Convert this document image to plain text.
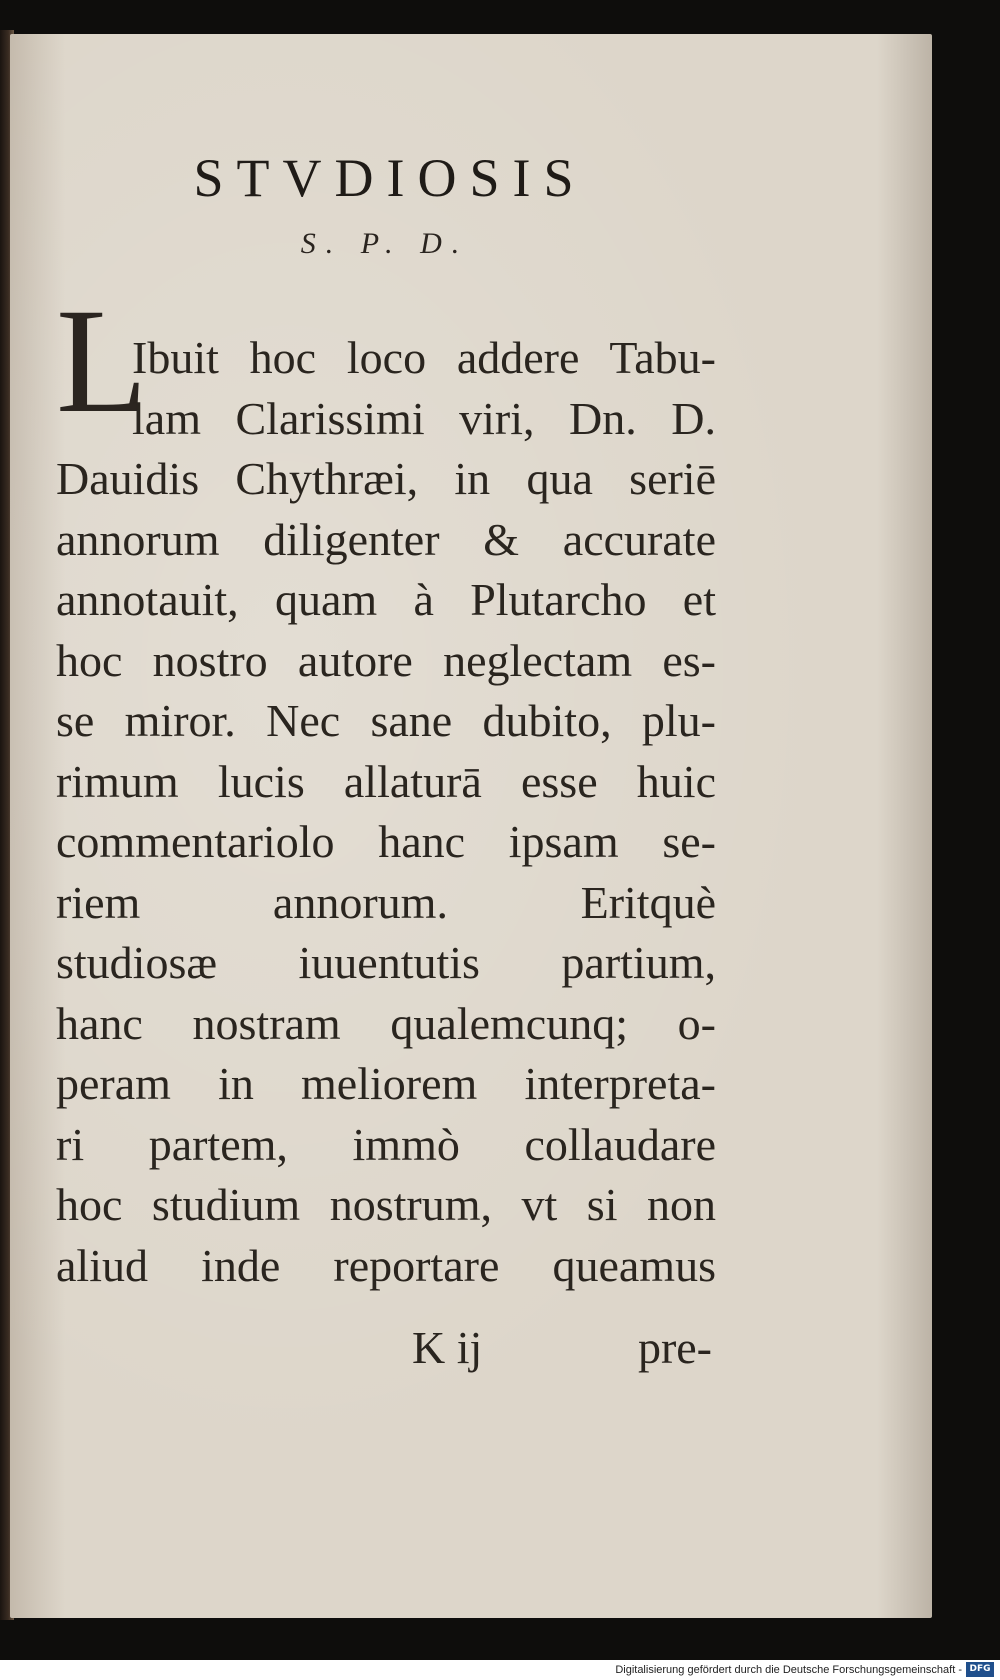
STVDIOSIS
S. P. D.
L
Ibuit hoc loco addere Tabu-
lam Clarissimi viri, Dn. D.
Dauidis Chythræi, in qua seriē
annorum diligenter & accurate
annotauit, quam à Plutarcho et
hoc nostro autore neglectam es-
se miror. Nec sane dubito, plu-
rimum lucis allaturā esse huic
commentariolo hanc ipsam se-
riem annorum. Eritquè
studiosæ iuuentutis partium,
hanc nostram qualemcunq; o-
peram in meliorem interpreta-
ri partem, immò collaudare
hoc studium nostrum, vt si non
aliud inde reportare queamus
K ij	pre-
Digitalisierung gefördert durch die Deutsche Forschungsgemeinschaft - DFG
